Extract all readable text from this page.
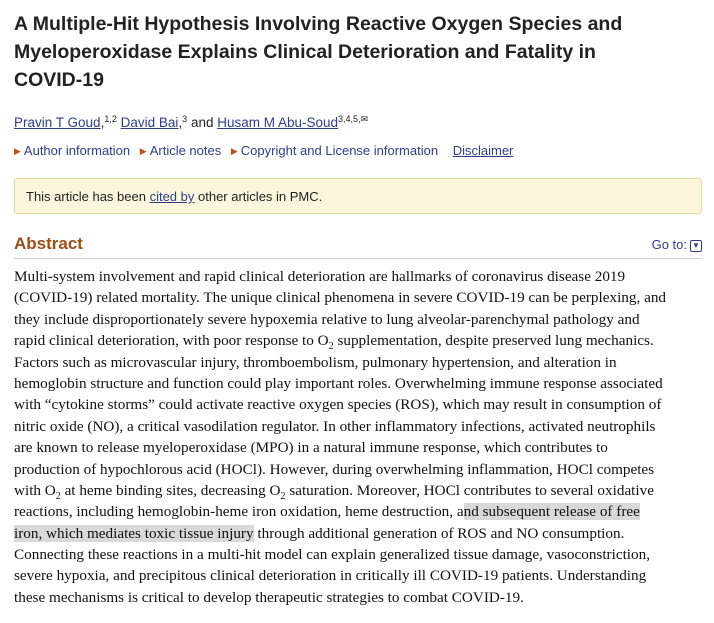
A Multiple-Hit Hypothesis Involving Reactive Oxygen Species and
Myeloperoxidase Explains Clinical Deterioration and Fatality in
COVID-19
Pravin T Goud,$^{1,2}$ David Bai,$^3$ and Husam M Abu-Soud$^{3,4,5,✉}$
▶ Author information ▶ Article notes ▶ Copyright and License information Disclaimer
This article has been cited by other articles in PMC.
Abstract	Go to: ▼
Multi-system involvement and rapid clinical deterioration are hallmarks of coronavirus disease 2019
(COVID-19) related mortality. The unique clinical phenomena in severe COVID-19 can be perplexing, and
they include disproportionately severe hypoxemia relative to lung alveolar-parenchymal pathology and
rapid clinical deterioration, with poor response to $O_2$ supplementation, despite preserved lung mechanics.
Factors such as microvascular injury, thromboembolism, pulmonary hypertension, and alteration in
hemoglobin structure and function could play important roles. Overwhelming immune response associated
with “cytokine storms” could activate reactive oxygen species (ROS), which may result in consumption of
nitric oxide (NO), a critical vasodilation regulator. In other inflammatory infections, activated neutrophils
are known to release myeloperoxidase (MPO) in a natural immune response, which contributes to
production of hypochlorous acid (HOCl). However, during overwhelming inflammation, HOCl competes
with $O_2$ at heme binding sites, decreasing $O_2$ saturation. Moreover, HOCl contributes to several oxidative
reactions, including hemoglobin-heme iron oxidation, heme destruction, and subsequent release of free
iron, which mediates toxic tissue injury through additional generation of ROS and NO consumption.
Connecting these reactions in a multi-hit model can explain generalized tissue damage, vasoconstriction,
severe hypoxia, and precipitous clinical deterioration in critically ill COVID-19 patients. Understanding
these mechanisms is critical to develop therapeutic strategies to combat COVID-19.
